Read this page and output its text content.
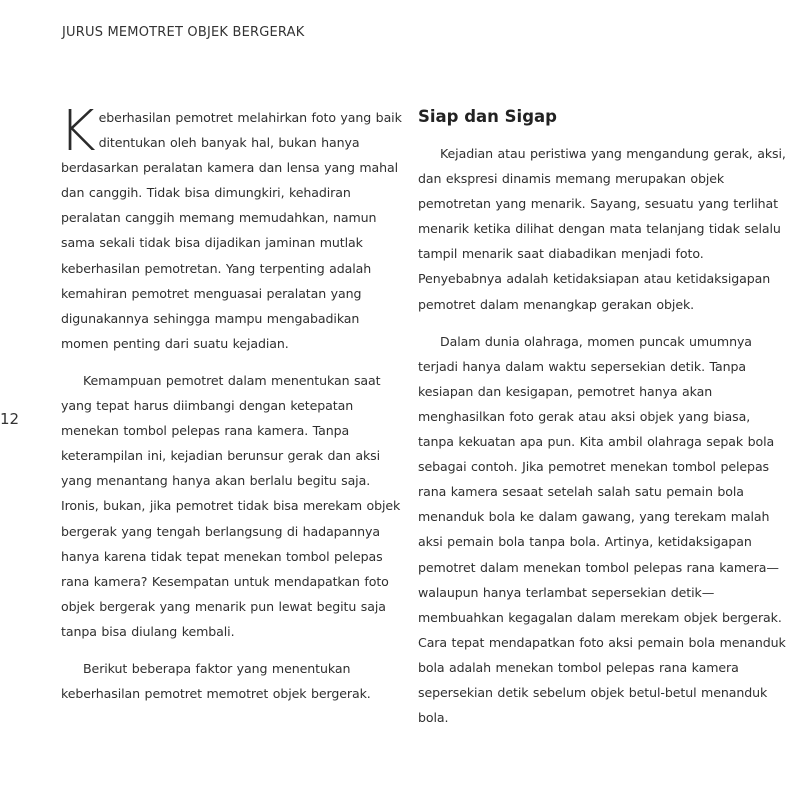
JURUS MEMOTRET OBJEK BERGERAK
12

Keberhasilan pemotret melahirkan foto yang baik ditentukan oleh banyak hal, bukan hanya berdasarkan peralatan kamera dan lensa yang mahal dan canggih. Tidak bisa dimungkiri, kehadiran peralatan canggih memang memudahkan, namun sama sekali tidak bisa dijadikan jaminan mutlak keberhasilan pemotretan. Yang terpenting adalah kemahiran pemotret menguasai peralatan yang digunakannya sehingga mampu mengabadikan momen penting dari suatu kejadian.

Kemampuan pemotret dalam menentukan saat yang tepat harus diimbangi dengan ketepatan menekan tombol pelepas rana kamera. Tanpa keterampilan ini, kejadian berunsur gerak dan aksi yang menantang hanya akan berlalu begitu saja. Ironis, bukan, jika pemotret tidak bisa merekam objek bergerak yang tengah berlangsung di hadapannya hanya karena tidak tepat menekan tombol pelepas rana kamera? Kesempatan untuk mendapatkan foto objek bergerak yang menarik pun lewat begitu saja tanpa bisa diulang kembali.

Berikut beberapa faktor yang menentukan keberhasilan pemotret memotret objek bergerak.

Siap dan Sigap

Kejadian atau peristiwa yang mengandung gerak, aksi, dan ekspresi dinamis memang merupakan objek pemotretan yang menarik. Sayang, sesuatu yang terlihat menarik ketika dilihat dengan mata telanjang tidak selalu tampil menarik saat diabadikan menjadi foto. Penyebabnya adalah ketidaksiapan atau ketidaksigapan pemotret dalam menangkap gerakan objek.

Dalam dunia olahraga, momen puncak umumnya terjadi hanya dalam waktu sepersekian detik. Tanpa kesiapan dan kesigapan, pemotret hanya akan menghasilkan foto gerak atau aksi objek yang biasa, tanpa kekuatan apa pun. Kita ambil olahraga sepak bola sebagai contoh. Jika pemotret menekan tombol pelepas rana kamera sesaat setelah salah satu pemain bola menanduk bola ke dalam gawang, yang terekam malah aksi pemain bola tanpa bola. Artinya, ketidaksigapan pemotret dalam menekan tombol pelepas rana kamera—walaupun hanya terlambat sepersekian detik—membuahkan kegagalan dalam merekam objek bergerak. Cara tepat mendapatkan foto aksi pemain bola menanduk bola adalah menekan tombol pelepas rana kamera sepersekian detik sebelum objek betul-betul menanduk bola.
